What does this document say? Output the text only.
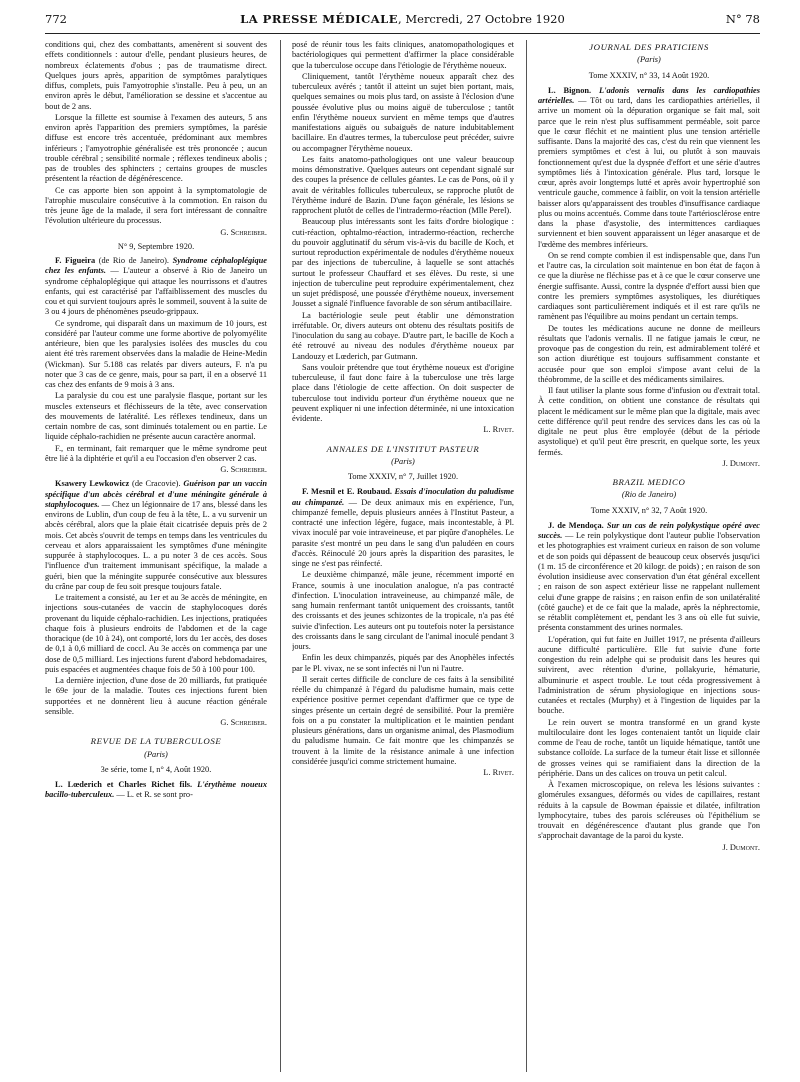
772	LA PRESSE MÉDICALE, Mercredi, 27 Octobre 1920	N° 78

conditions qui, chez des combattants, amenèrent si souvent des effets conditionnels : autour d'elle, pendant plusieurs heures, de nombreux éclatements d'obus ; pas de traumatisme direct. Quelques jours après, apparition de symptômes paralytiques diffus, complets, puis l'amyotrophie s'installe. Peu à peu, un an environ après le début, l'amélioration se dessine et s'accentue au bout de 2 ans.

Lorsque la fillette est soumise à l'examen des auteurs, 5 ans environ après l'apparition des premiers symptômes, la parésie diffuse est encore très accentuée, prédominant aux membres inférieurs ; l'amyotrophie généralisée est très prononcée ; aucun trouble cérébral ; sensibilité normale ; réflexes tendineux abolis ; pas de troubles des sphincters ; certains groupes de muscles présentent la réaction de dégénérescence.

Ce cas apporte bien son appoint à la symptomatologie de l'atrophie musculaire consécutive à la commotion. En raison du très jeune âge de la malade, il sera fort intéressant de connaître l'évolution ultérieure du processus.

G. Schreiber.
N° 9, Septembre 1920.

F. Figueira (de Rio de Janeiro). Syndrome céphaloplégique chez les enfants. — L'auteur a observé à Rio de Janeiro un syndrome céphaloplégique qui attaque les nourrissons et d'autres enfants, qui est caractérisé par l'affaiblissement des muscles du cou et qui survient toujours après le sommeil, souvent à la suite de 3 ou 4 jours de phénomènes pseudo-grippaux.

Ce syndrome, qui disparaît dans un maximum de 10 jours, est considéré par l'auteur comme une forme abortive de polyomyélite antérieure, bien que les paralysies isolées des muscles du cou aient été très rarement observées dans la maladie de Heine-Medin (Wickman). Sur 5.188 cas relatés par divers auteurs, F. n'a pu noter que 3 cas de ce genre, mais, pour sa part, il en a observé 11 cas chez des enfants de 9 mois à 3 ans.

La paralysie du cou est une paralysie flasque, portant sur les muscles extenseurs et fléchisseurs de la tête, avec conservation des mouvements de latéralité. Les réflexes tendineux, dans un certain nombre de cas, sont diminués totalement ou en partie. Le liquide céphalo-rachidien ne présente aucun caractère anormal.

F., en terminant, fait remarquer que le même syndrome peut être lié à la diphtérie et qu'il a eu l'occasion d'en observer 2 cas.

G. Schreiber.

Ksawery Lewkowicz (de Cracovie). Guérison par un vaccin spécifique d'un abcès cérébral et d'une méningite générale à staphylocoques. — Chez un légionnaire de 17 ans, blessé dans les environs de Lublin, d'un coup de feu à la tête, L. a vu survenir un abcès cérébral, alors que la plaie était cicatrisée depuis près de 2 mois. Cet abcès s'ouvrit de temps en temps dans les ventricules du cerveau et alors apparaissaient les symptômes d'une méningite suppurée à staphylocoques. L. a pu noter 3 de ces accès. Sous l'influence d'un traitement immunisant spécifique, la malade a guéri, bien que la méningite suppurée consécutive aux blessures du crâne par coup de feu soit presque toujours fatale.

Le traitement a consisté, au 1er et au 3e accès de méningite, en injections sous-cutanées de vaccin de staphylocoques dorés provenant du liquide céphalo-rachidien. Les injections, pratiquées chaque fois à plusieurs endroits de l'abdomen et de la cage thoracique (de 10 à 24), ont comporté, lors du 1er accès, des doses de 0,1 à 0,6 milliard de coccl. Au 3e accès on commença par une dose de 0,5 milliard. Les injections furent d'abord hebdomadaires, puis espacées et augmentées chaque fois de 50 à 100 pour 100.

La dernière injection, d'une dose de 20 milliards, fut pratiquée le 69e jour de la maladie. Toutes ces injections furent bien supportées et ne donnèrent lieu à aucune réaction générale sensible.

G. Schreiber.
REVUE DE LA TUBERCULOSE
(Paris)
3e série, tome I, n° 4, Août 1920.

L. Lœderich et Charles Richet fils. L'érythème noueux bacillo-tuberculeux. — L. et R. se sont pro-

posé de réunir tous les faits cliniques, anatomopathologiques et bactériologiques qui permettent d'affirmer la place considérable que la tuberculose occupe dans l'étiologie de l'érythème noueux.

Cliniquement, tantôt l'érythème noueux apparaît chez des tuberculeux avérés ; tantôt il atteint un sujet bien portant, mais, quelques semaines ou mois plus tard, on assiste à l'éclosion d'une poussée évolutive plus ou moins aiguë de tuberculose ; tantôt enfin l'érythème noueux survient en même temps que d'autres manifestations aiguës ou subaiguës de nature indubitablement bacillaire. En d'autres termes, la tuberculose peut précéder, suivre ou accompagner l'érythème noueux.

Les faits anatomo-pathologiques ont une valeur beaucoup moins démonstrative. Quelques auteurs ont cependant signalé sur des coupes la présence de cellules géantes. Le cas de Pons, où il y avait de véritables follicules tuberculeux, se rapproche plutôt de l'érythème induré de Bazin. D'une façon générale, les lésions se rapprochent plutôt de celles de l'intradermo-réaction (Mlle Perel).

Beaucoup plus intéressants sont les faits d'ordre biologique : cuti-réaction, ophtalmo-réaction, intradermo-réaction, recherche du pouvoir agglutinatif du sérum vis-à-vis du bacille de Koch, et surtout reproduction expérimentale de nodules d'érythème noueux par des injections de tuberculine, à laquelle se sont attachés surtout le professeur Chauffard et ses élèves. Du reste, si une injection de tuberculine peut reproduire expérimentalement, chez un sujet prédisposé, une poussée d'érythème noueux, inversement Jousset a signalé l'influence favorable de son sérum antibacillaire.

La bactériologie seule peut établir une démonstration irréfutable. Or, divers auteurs ont obtenu des résultats positifs de l'inoculation du sang au cobaye. D'autre part, le bacille de Koch a été retrouvé au niveau des nodules d'érythème noueux par Landouzy et Lœderich, par Gutmann.

Sans vouloir prétendre que tout érythème noueux est d'origine tuberculeuse, il faut donc faire à la tuberculose une très large place dans l'étiologie de cette affection. On doit suspecter de tuberculose tout individu porteur d'un érythème noueux que ne peuvent expliquer ni une infection déterminée, ni une intoxication évidente.

L. Rivet.
ANNALES DE L'INSTITUT PASTEUR
(Paris)
Tome XXXIV, n° 7, Juillet 1920.

F. Mesnil et E. Roubaud. Essais d'inoculation du paludisme au chimpanzé. — De deux animaux mis en expérience, l'un, chimpanzé femelle, depuis plusieurs années à l'Institut Pasteur, a contracté une infection légère, fugace, mais incontestable, à Pl. vivax inoculé par voie intraveineuse, et par piqûre d'anophèles. Le parasite s'est montré un peu dans le sang d'un paludéen en cours d'accès. Réinoculé 20 jours après la disparition des parasites, le singe ne s'est pas réinfecté.

Le deuxième chimpanzé, mâle jeune, récemment importé en France, soumis à une inoculation analogue, n'a pas contracté d'infection. L'inoculation intraveineuse, au chimpanzé mâle, de sang humain renfermant tantôt uniquement des croissants, tantôt des croissants et des jeunes schizontes de la tropicale, n'a pas été suivie d'infection. Les auteurs ont pu toutefois noter la persistance des croissants dans le sang circulant de l'animal inoculé pendant 3 jours.

Enfin les deux chimpanzés, piqués par des Anophèles infectés par le Pl. vivax, ne se sont infectés ni l'un ni l'autre.

Il serait certes difficile de conclure de ces faits à la sensibilité réelle du chimpanzé à l'égard du paludisme humain, mais cette expérience positive permet cependant d'affirmer que ce type de singes présente un certain degré de sensibilité. Pour la première fois on a pu constater la multiplication et le maintien pendant plusieurs générations, dans un organisme animal, des Plasmodium du paludisme humain. Ce fait montre que les chimpanzés se trouvent à la limite de la résistance animale à une infection considérée jusqu'ici comme strictement humaine.

L. Rivet.
JOURNAL DES PRATICIENS
(Paris)
Tome XXXIV, n° 33, 14 Août 1920.

L. Bignon. L'adonis vernalis dans les cardiopathies artérielles. — Tôt ou tard, dans les cardiopathies artérielles, il arrive un moment où la dépuration organique se fait mal, soit parce que le rein n'est plus suffisamment perméable, soit parce que le cœur fléchit et ne maintient plus une tension artérielle suffisante. Dans la majorité des cas, c'est du rein que viennent les premiers symptômes et c'est à lui, ou plutôt à son mauvais fonctionnement qu'est due la dyspnée d'effort et une série d'autres symptômes liés à l'intoxication générale. Plus tard, lorsque le cœur, après avoir longtemps lutté et après avoir hypertrophié son ventricule gauche, commence à faiblir, on voit la tension artérielle baisser alors qu'apparaissent des troubles d'insuffisance cardiaque plus ou moins accentués. Comme dans toute l'artériosclérose entre dans la phase d'asystolie, des intermittences cardiaques surviennent et bien souvent apparaissent un léger anasarque et de l'œdème des membres inférieurs.

On se rend compte combien il est indispensable que, dans l'un et l'autre cas, la circulation soit maintenue en bon état de façon à ce que la diurèse ne fléchisse pas et à ce que le cœur conserve une énergie suffisante. Aussi, contre la dyspnée d'effort aussi bien que contre les premiers symptômes asystoliques, les diurétiques cardiaques sont particulièrement indiqués et il est rare qu'ils ne ramènent pas l'équilibre au moins pendant un certain temps.

De toutes les médications aucune ne donne de meilleurs résultats que l'adonis vernalis. Il ne fatigue jamais le cœur, ne provoque pas de congestion du rein, est admirablement toléré et son action diurétique est toujours suffisamment constante et accusée pour que son emploi s'impose avant celui de la théobromme, de la scille et des médicaments similaires.

Il faut utiliser la plante sous forme d'infusion ou d'extrait total. À cette condition, on obtient une constance de résultats qui placent le médicament sur le même plan que la digitale, mais avec cette différence qu'il peut rendre des services dans les cas où la digitale ne peut plus être employée (début de la période asystolique) et qu'il peut être prescrit, en quelque sorte, les yeux fermés.

J. Dumont.
BRAZIL MEDICO
(Rio de Janeiro)
Tome XXXIV, n° 32, 7 Août 1920.

J. de Mendoça. Sur un cas de rein polykystique opéré avec succès. — Le rein polykystique dont l'auteur publie l'observation et les photographies est vraiment curieux en raison de son volume et de son poids qui dépassent de beaucoup ceux observés jusqu'ici (1 m. 15 de circonférence et 20 kilogr. de poids) ; en raison de son évolution insidieuse avec conservation d'un état général excellent ; en raison de son aspect extérieur lisse ne rappelant nullement celui d'une grappe de raisins ; en raison enfin de son unilatéralité (côté gauche) et de ce fait que la malade, après la néphrectomie, se rétablit complètement et, pendant les 3 ans où elle fut suivie, présenta constamment des urines normales.

L'opération, qui fut faite en Juillet 1917, ne présenta d'ailleurs aucune difficulté particulière. Elle fut suivie d'une forte congestion du rein adelphe qui se produisit dans les heures qui suivirent, avec rétention d'urine, pollakyurie, hématurie, albuminurie et aspect trouble. Le tout céda progressivement à l'administration de sérum physiologique en injections sous-cutanées et rectales (Murphy) et à l'ingestion de liquides par la bouche.

Le rein ouvert se montra transformé en un grand kyste multiloculaire dont les loges contenaient tantôt un liquide clair comme de l'eau de roche, tantôt un liquide hématique, tantôt une substance colloïde. La surface de la tumeur était lisse et sillonnée de grosses veines qui se ramifiaient dans la direction de la périphérie. Dans un des calices on trouva un petit calcul.

À l'examen microscopique, on releva les lésions suivantes : glomérules exsangues, déformés ou vides de capillaires, restant réduits à la capsule de Bowman épaissie et dilatée, infiltration lymphocytaire, tubes des parois scléreuses où l'épithélium se trouvait en dégénérescence d'autant plus grande que l'on s'approchait davantage de la paroi du kyste.

J. Dumont.
